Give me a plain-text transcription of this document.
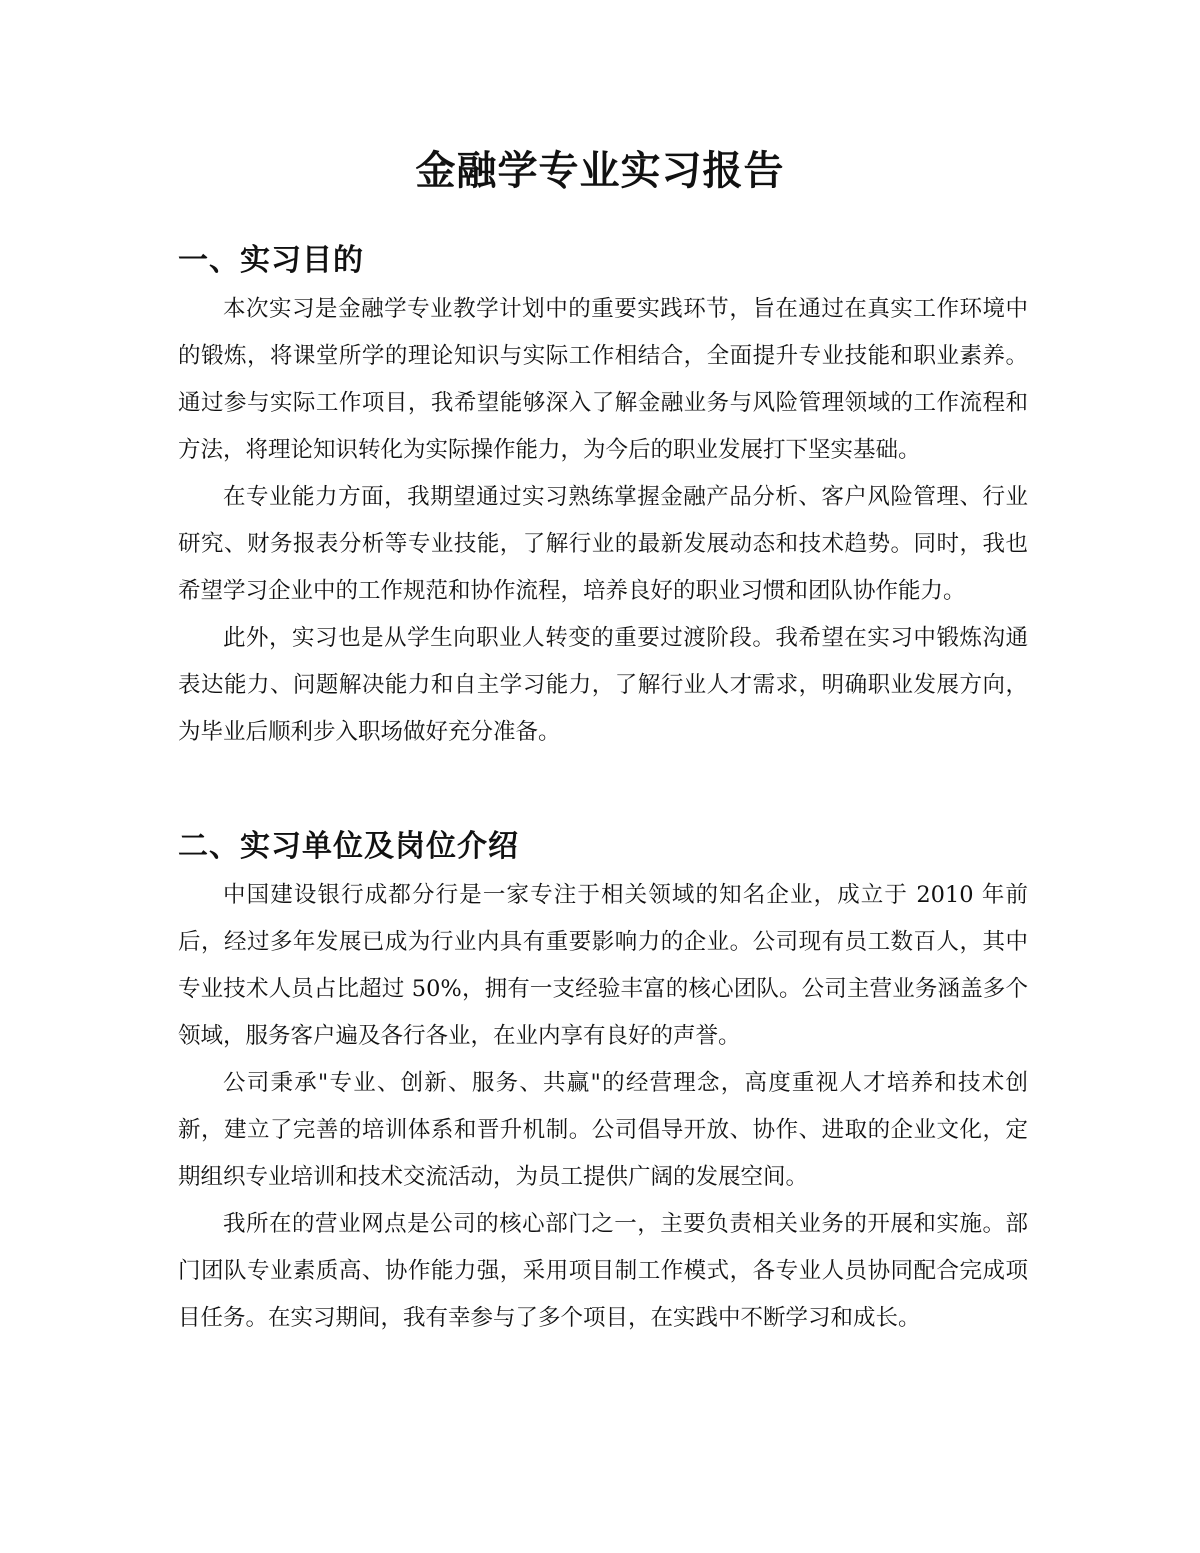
金融学专业实习报告
一、实习目的

本次实习是金融学专业教学计划中的重要实践环节，旨在通过在真实工作环境中的锻炼，将课堂所学的理论知识与实际工作相结合，全面提升专业技能和职业素养。通过参与实际工作项目，我希望能够深入了解金融业务与风险管理领域的工作流程和方法，将理论知识转化为实际操作能力，为今后的职业发展打下坚实基础。

在专业能力方面，我期望通过实习熟练掌握金融产品分析、客户风险管理、行业研究、财务报表分析等专业技能，了解行业的最新发展动态和技术趋势。同时，我也希望学习企业中的工作规范和协作流程，培养良好的职业习惯和团队协作能力。

此外，实习也是从学生向职业人转变的重要过渡阶段。我希望在实习中锻炼沟通表达能力、问题解决能力和自主学习能力，了解行业人才需求，明确职业发展方向，为毕业后顺利步入职场做好充分准备。

二、实习单位及岗位介绍

中国建设银行成都分行是一家专注于相关领域的知名企业，成立于 2010 年前后，经过多年发展已成为行业内具有重要影响力的企业。公司现有员工数百人，其中专业技术人员占比超过 50%，拥有一支经验丰富的核心团队。公司主营业务涵盖多个领域，服务客户遍及各行各业，在业内享有良好的声誉。

公司秉承"专业、创新、服务、共赢"的经营理念，高度重视人才培养和技术创新，建立了完善的培训体系和晋升机制。公司倡导开放、协作、进取的企业文化，定期组织专业培训和技术交流活动，为员工提供广阔的发展空间。

我所在的营业网点是公司的核心部门之一，主要负责相关业务的开展和实施。部门团队专业素质高、协作能力强，采用项目制工作模式，各专业人员协同配合完成项目任务。在实习期间，我有幸参与了多个项目，在实践中不断学习和成长。
